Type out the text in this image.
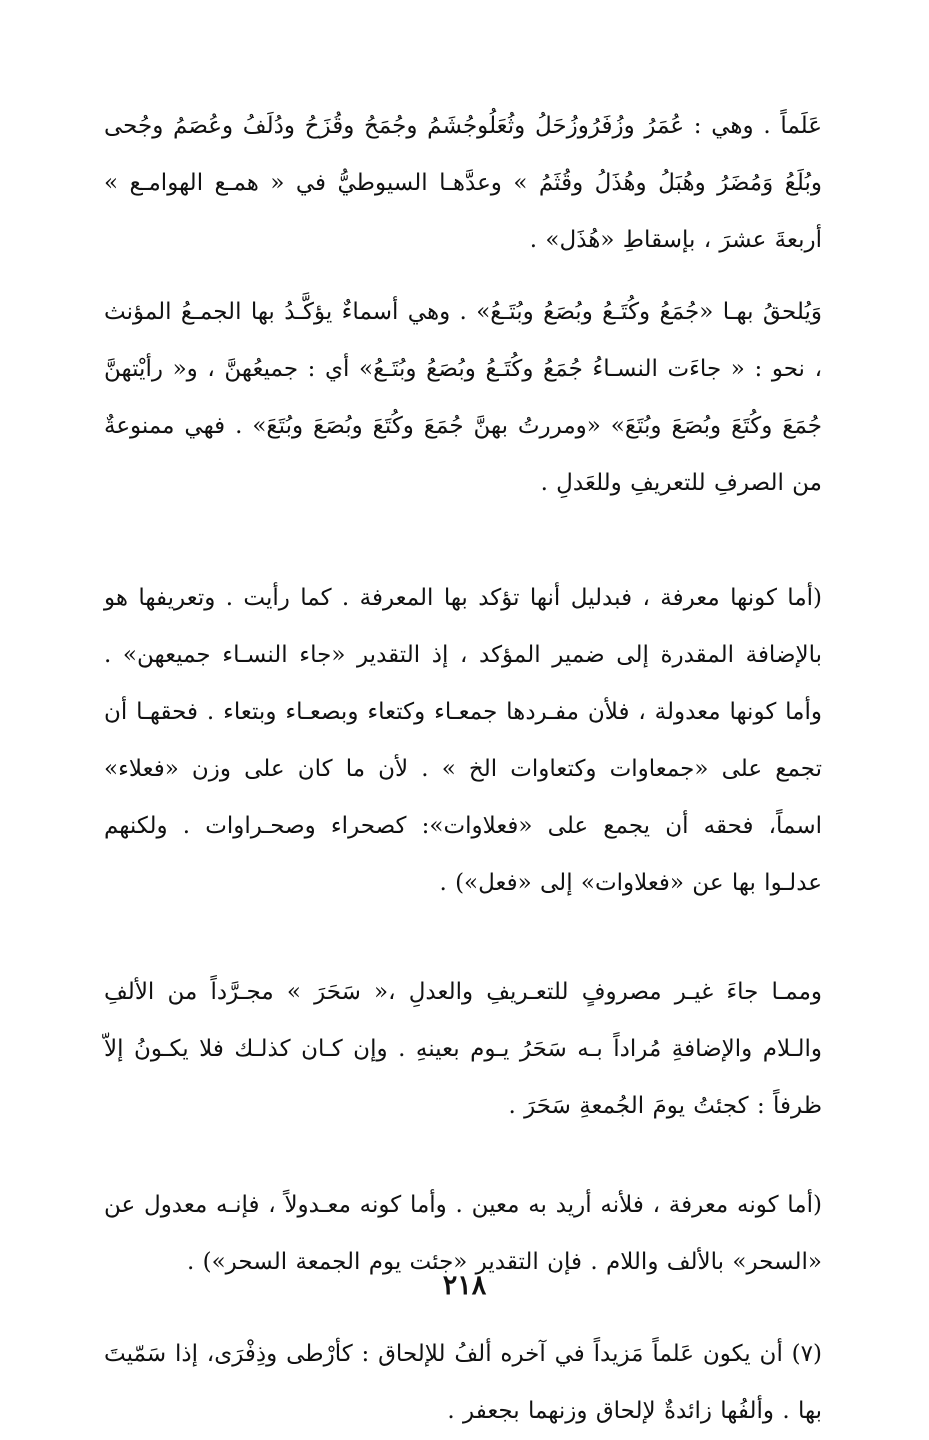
عَلَماً . وهي : عُمَرُ وزُفَرُوزُحَلُ وثُعَلُوجُشَمُ وجُمَحُ وقُزَحُ ودُلَفُ وعُصَمُ وجُحى وبُلَعُ وَمُضَرُ وهُبَلُ وهُذَلُ وقُثَمُ » وعدَّهـا السيوطيُّ في « همـع الهوامـع » أربعةَ عشرَ ، بإسقاطِ «هُذَل» .

وَيُلحقُ بهـا «جُمَعُ وكُتَـعُ وبُصَعُ وبُتَـعُ» . وهي أسماءٌ يؤكَّـدُ بها الجمـعُ المؤنث ، نحو : « جاءَت النسـاءُ جُمَعُ وكُتَـعُ وبُصَعُ وبُتَـعُ» أي : جميعُهنَّ ، و« رأيْتهنَّ جُمَعَ وكُتَعَ وبُصَعَ وبُتَعَ» «ومررتُ بهنَّ جُمَعَ وكُتَعَ وبُصَعَ وبُتَعَ» . فهي ممنوعةٌ من الصرفِ للتعريفِ وللعَدلِ .

(أما كونها معرفة ، فبدليل أنها تؤكد بها المعرفة . كما رأيت . وتعريفها هو بالإضافة المقدرة إلى ضمير المؤكد ، إذ التقدير «جاء النسـاء جميعهن» . وأما كونها معدولة ، فلأن مفـردها جمعـاء وكتعاء وبصعـاء وبتعاء . فحقهـا أن تجمع على «جمعاوات وكتعاوات الخ » . لأن ما كان على وزن «فعلاء» اسماً، فحقه أن يجمع على «فعلاوات»: كصحراء وصحـراوات . ولكنهم عدلـوا بها عن «فعلاوات» إلى «فعل») .

وممـا جاءَ غيـر مصروفٍ للتعـريفِ والعدلِ ،« سَحَرَ » مجـرَّداً من الألفِ والـلام والإضافةِ مُراداً بـه سَحَرُ يـوم بعينهِ . وإن كـان كذلـك فلا يكـونُ إلاّ ظرفاً : كجئتُ يومَ الجُمعةِ سَحَرَ .

(أما كونه معرفة ، فلأنه أريد به معين . وأما كونه معـدولاً ، فإنـه معدول عن «السحر» بالألف واللام . فإن التقدير «جئت يوم الجمعة السحر») .

(٧) أن يكون عَلماً مَزيداً في آخره ألفُ للإلحاق : كأرْطى وذِفْرَى، إذا سَمّيتَ بها . وألفُها زائدةٌ لإلحاق وزنهما بجعفر .

٢١٨
